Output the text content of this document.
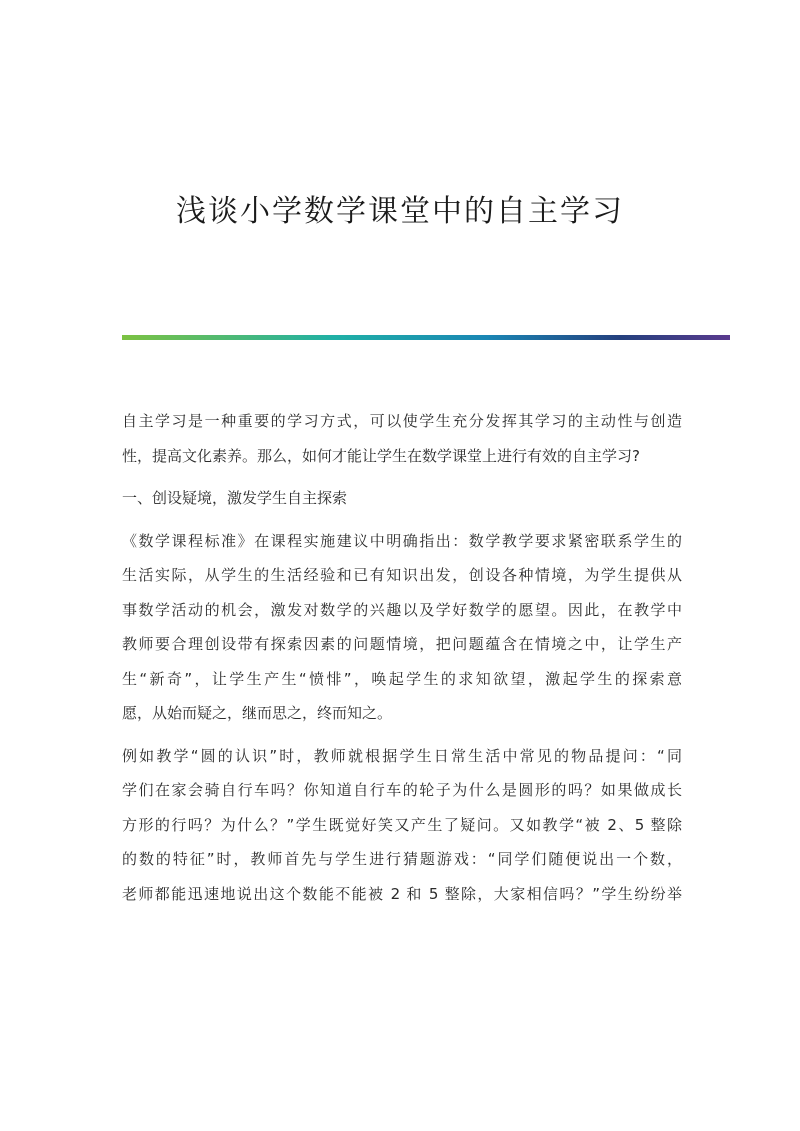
浅谈小学数学课堂中的自主学习

自主学习是一种重要的学习方式，可以使学生充分发挥其学习的主动性与创造
性，提高文化素养。那么，如何才能让学生在数学课堂上进行有效的自主学习?

一、创设疑境，激发学生自主探索

《数学课程标准》在课程实施建议中明确指出：数学教学要求紧密联系学生的
生活实际，从学生的生活经验和已有知识出发，创设各种情境，为学生提供从
事数学活动的机会，激发对数学的兴趣以及学好数学的愿望。因此，在教学中
教师要合理创设带有探索因素的问题情境，把问题蕴含在情境之中，让学生产
生“新奇”，让学生产生“愤悱”，唤起学生的求知欲望，激起学生的探索意
愿，从始而疑之，继而思之，终而知之。

例如教学“圆的认识”时，教师就根据学生日常生活中常见的物品提问：“同
学们在家会骑自行车吗？你知道自行车的轮子为什么是圆形的吗？如果做成长
方形的行吗？为什么？”学生既觉好笑又产生了疑问。又如教学“被 2、5 整除
的数的特征”时，教师首先与学生进行猜题游戏：“同学们随便说出一个数，
老师都能迅速地说出这个数能不能被 2 和 5 整除，大家相信吗？”学生纷纷举
